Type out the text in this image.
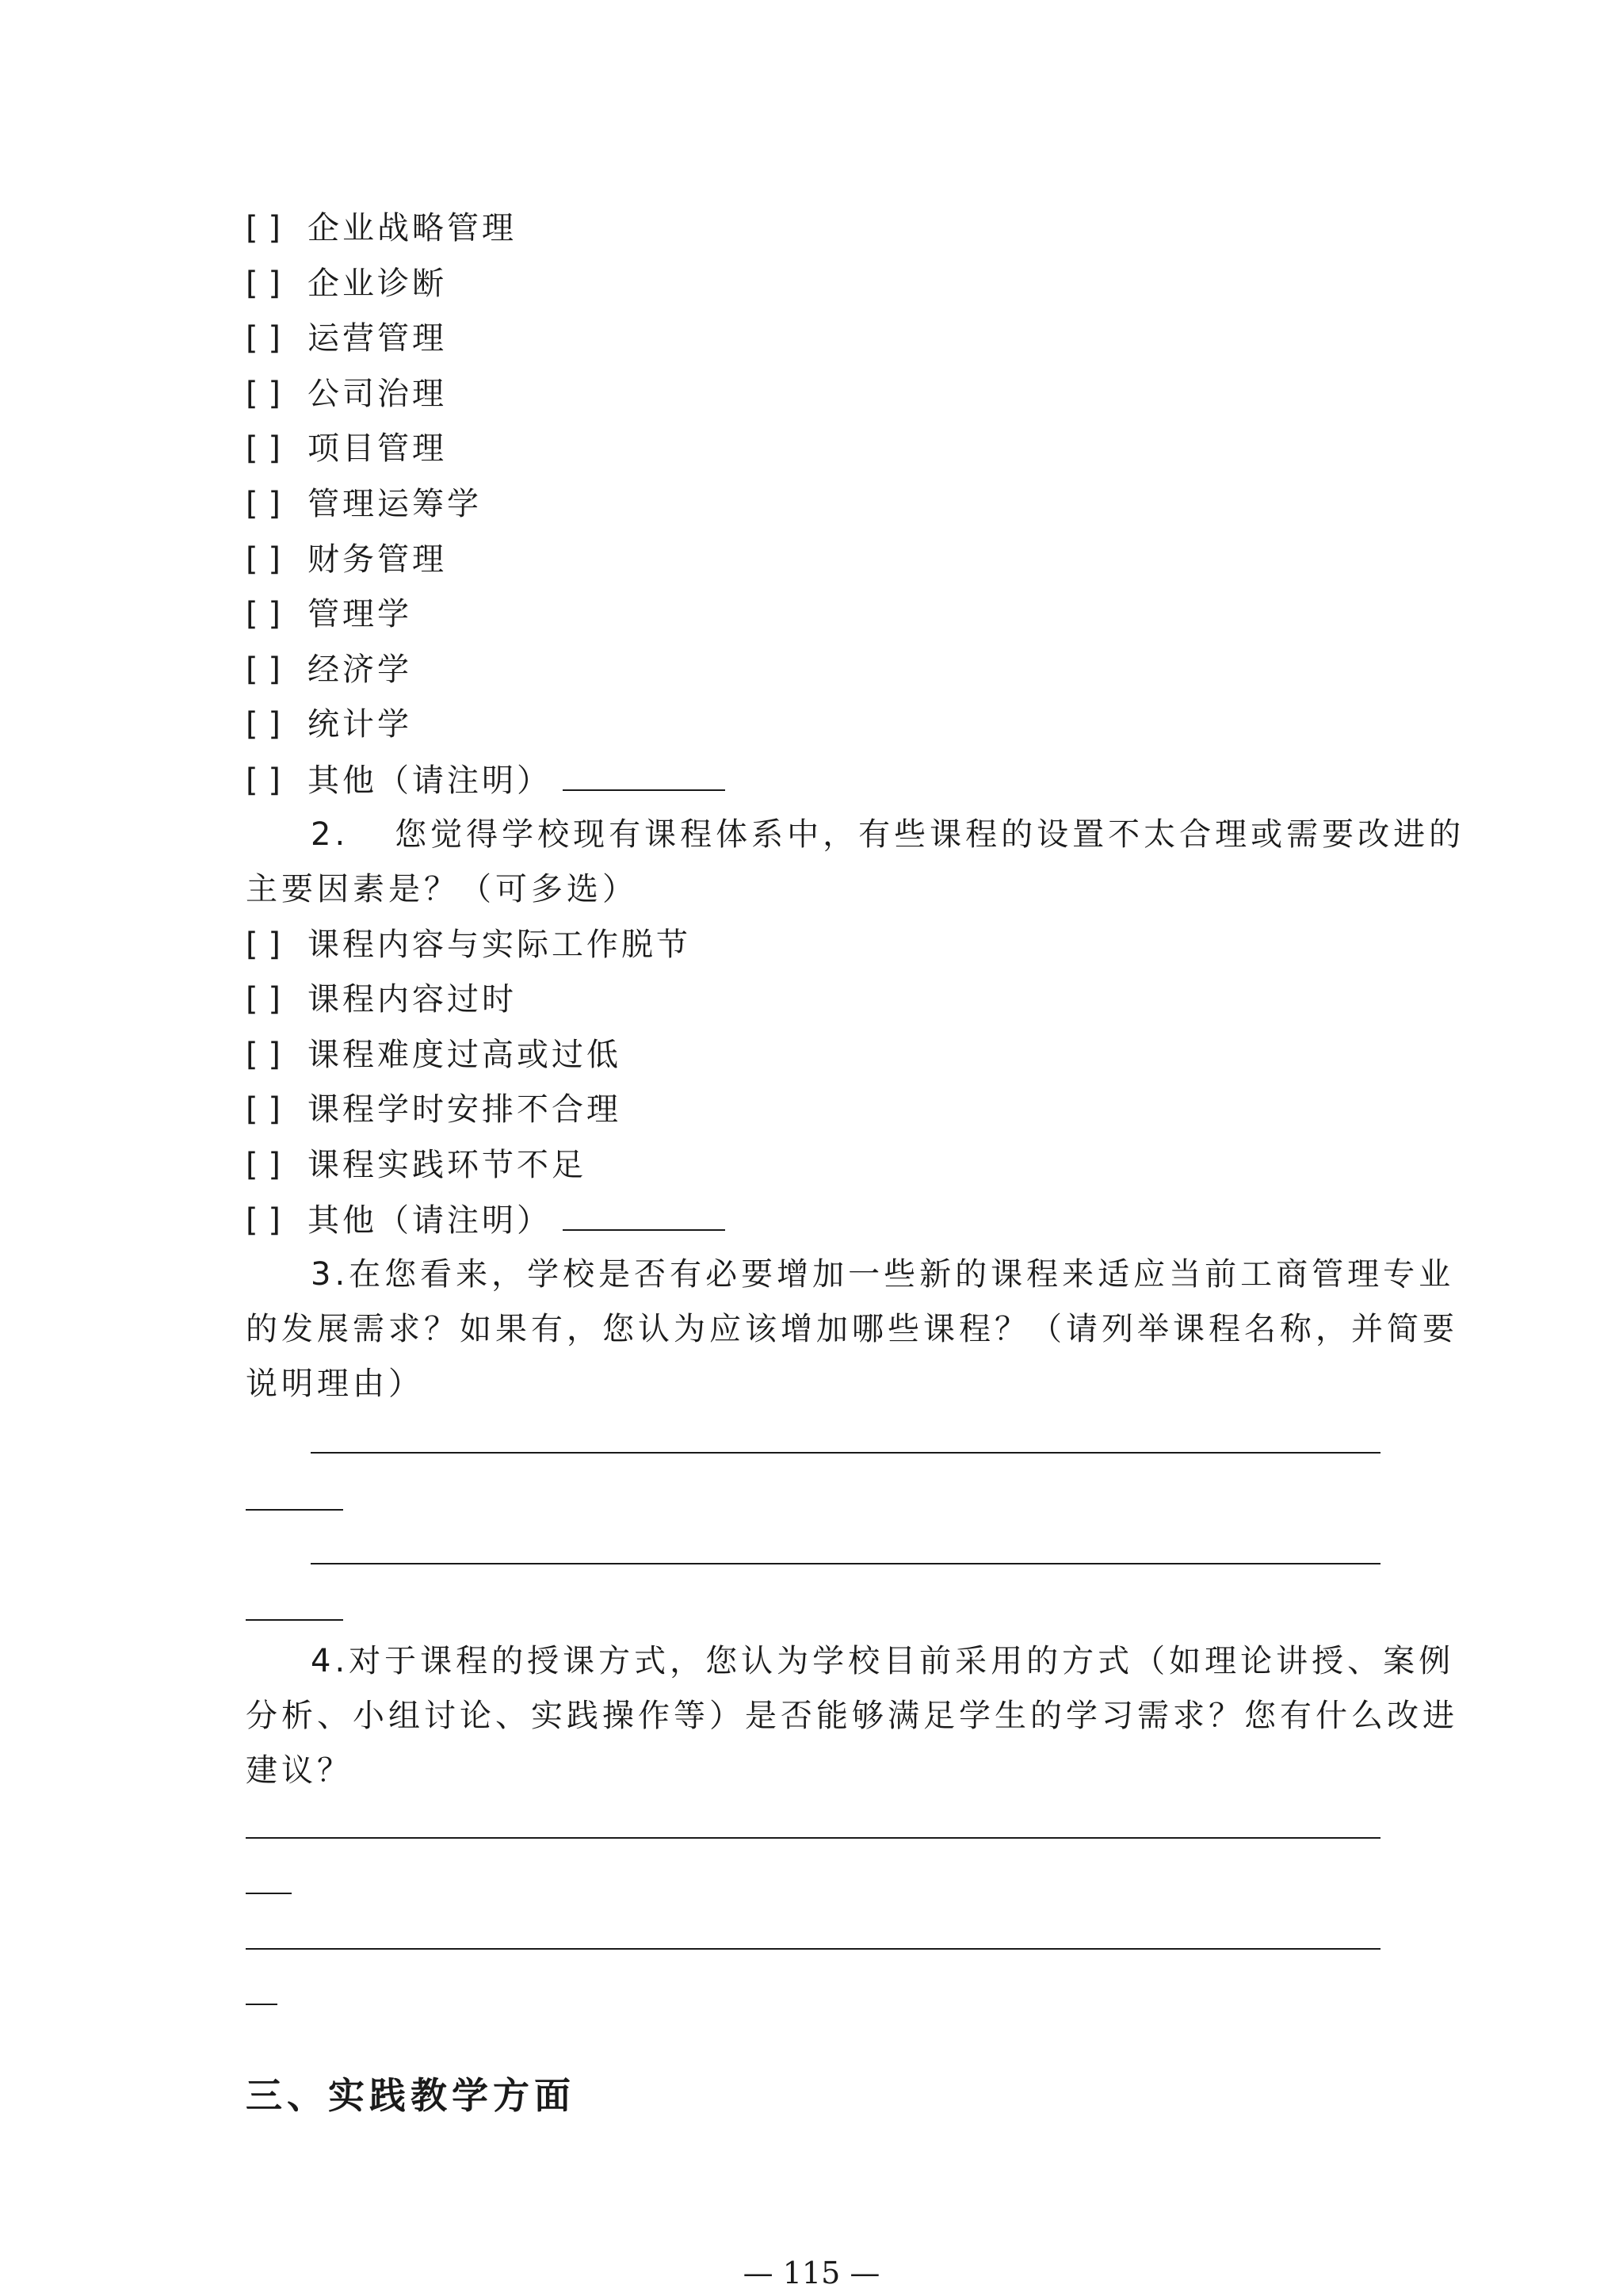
[ ] 企业战略管理
[ ] 企业诊断
[ ] 运营管理
[ ] 公司治理
[ ] 项目管理
[ ] 管理运筹学
[ ] 财务管理
[ ] 管理学
[ ] 经济学
[ ] 统计学
[ ] 其他（请注明）
2. 您觉得学校现有课程体系中，有些课程的设置不太合理或需要改进的
主要因素是？（可多选）
[ ] 课程内容与实际工作脱节
[ ] 课程内容过时
[ ] 课程难度过高或过低
[ ] 课程学时安排不合理
[ ] 课程实践环节不足
[ ] 其他（请注明）
3.在您看来，学校是否有必要增加一些新的课程来适应当前工商管理专业
的发展需求？如果有，您认为应该增加哪些课程？（请列举课程名称，并简要
说明理由）
4.对于课程的授课方式，您认为学校目前采用的方式（如理论讲授、案例
分析、小组讨论、实践操作等）是否能够满足学生的学习需求？您有什么改进
建议？
三、实践教学方面
— 115 —
